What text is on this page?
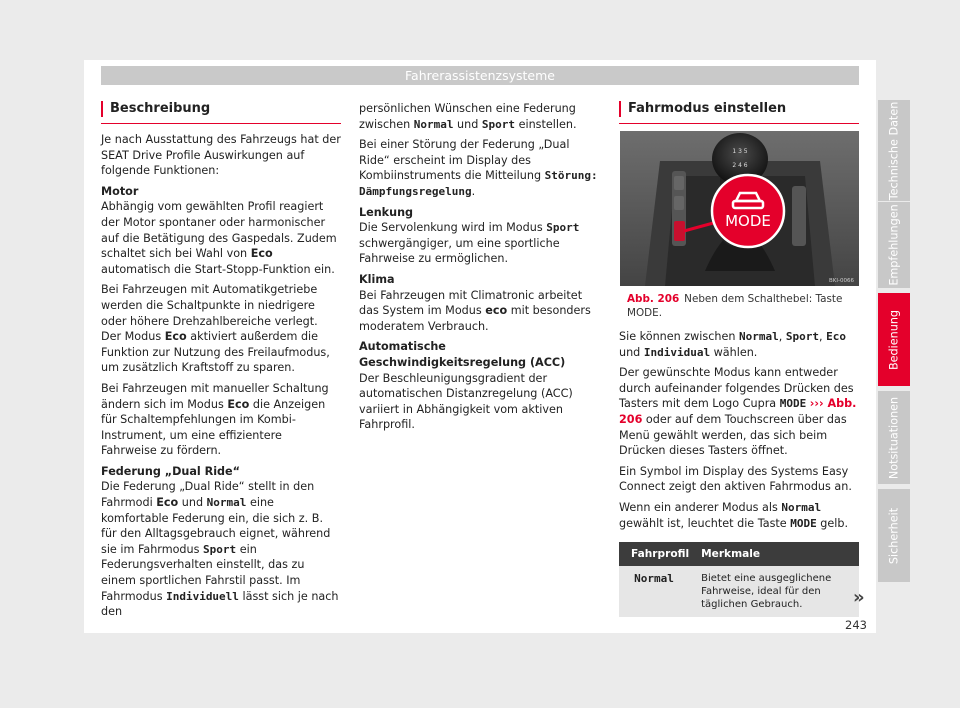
Fahrerassistenzsysteme
Beschreibung

Je nach Ausstattung des Fahrzeugs hat der SEAT Drive Profile Auswirkungen auf folgende Funktionen:

Motor

Abhängig vom gewählten Profil reagiert der Motor spontaner oder harmonischer auf die Betätigung des Gaspedals. Zudem schaltet sich bei Wahl von Eco automatisch die Start-Stopp-Funktion ein.

Bei Fahrzeugen mit Automatikgetriebe werden die Schaltpunkte in niedrigere oder höhere Drehzahlbereiche verlegt. Der Modus Eco aktiviert außerdem die Funktion zur Nutzung des Freilaufmodus, um zusätzlich Kraftstoff zu sparen.

Bei Fahrzeugen mit manueller Schaltung ändern sich im Modus Eco die Anzeigen für Schaltempfehlungen im Kombi-Instrument, um eine effizientere Fahrweise zu fördern.

Federung „Dual Ride“

Die Federung „Dual Ride“ stellt in den Fahrmodi Eco und Normal eine komfortable Federung ein, die sich z. B. für den Alltagsgebrauch eignet, während sie im Fahrmodus Sport ein Federungsverhalten einstellt, das zu einem sportlichen Fahrstil passt. Im Fahrmodus Individuell lässt sich je nach den

persönlichen Wünschen eine Federung zwischen Normal und Sport einstellen.

Bei einer Störung der Federung „Dual Ride“ erscheint im Display des Kombiinstruments die Mitteilung Störung: Dämpfungsregelung.

Lenkung

Die Servolenkung wird im Modus Sport schwergängiger, um eine sportliche Fahrweise zu ermöglichen.

Klima

Bei Fahrzeugen mit Climatronic arbeitet das System im Modus eco mit besonders moderatem Verbrauch.

Automatische Geschwindigkeitsregelung (ACC)

Der Beschleunigungsgradient der automatischen Distanzregelung (ACC) variiert in Abhängigkeit vom aktiven Fahrprofil.

Fahrmodus einstellen
1 3 5
2 4 6
MODE
BKI-0066
Abb. 206 Neben dem Schalthebel: Taste MODE.

Sie können zwischen Normal, Sport, Eco und Individual wählen.

Der gewünschte Modus kann entweder durch aufeinander folgendes Drücken des Tasters mit dem Logo Cupra MODE ››› Abb. 206 oder auf dem Touchscreen über das Menü gewählt werden, das sich beim Drücken dieses Tasters öffnet.

Ein Symbol im Display des Systems Easy Connect zeigt den aktiven Fahrmodus an.

Wenn ein anderer Modus als Normal gewählt ist, leuchtet die Taste MODE gelb.

Fahrprofil	Merkmale
Normal	Bietet eine ausgeglichene Fahrweise, ideal für den täglichen Gebrauch.	»
243
Technische Daten
Empfehlungen
Bedienung
Notsituationen
Sicherheit
